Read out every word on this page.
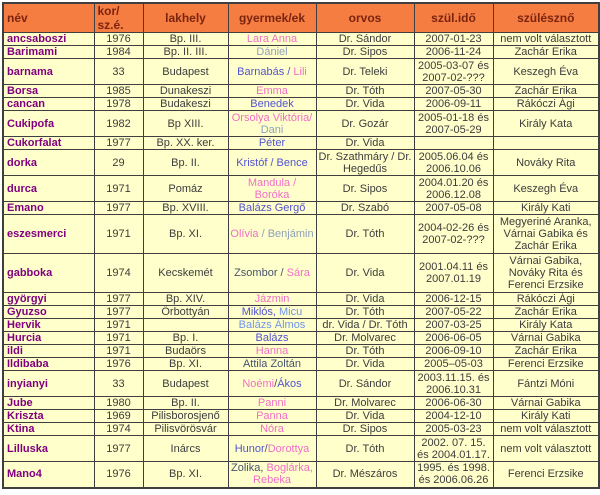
név	kor/ sz.é.	lakhely	gyermek/ek	orvos	szül.idő	szülésznő
ancsaboszi	1976	Bp. III.	Lara Anna	Dr. Sándor	2007-01-23	nem volt választott
Barimami	1984	Bp. II. III.	Dániel	Dr. Sipos	2006-11-24	Zachár Erika
barnama	33	Budapest	Barnabás / Lili	Dr. Teleki	2005-03-07 és 2007-02-???	Keszegh Éva
Borsa	1985	Dunakeszi	Emma	Dr. Tóth	2007-05-30	Zachár Erika
cancan	1978	Budakeszi	Benedek	Dr. Vida	2006-09-11	Rákóczi Ági
Cukipofa	1982	Bp XIII.	Orsolya Viktória/ Dani	Dr. Gozár	2005-01-18 és 2007-05-29	Király Kata
Cukorfalat	1977	Bp. XX. ker.	Péter	Dr. Vida		
dorka	29	Bp. II.	Kristóf / Bence	Dr. Szathmáry / Dr. Hegedűs	2005.06.04 és 2006.10.06	Nováky Rita
durca	1971	Pomáz	Mandula / Boróka	Dr. Sipos	2004.01.20 és 2006.12.08	Keszegh Éva
Emano	1977	Bp. XVIII.	Balázs Gergő	Dr. Szabó	2007-05-08	Király Kati
eszesmerci	1971	Bp. XI.	Olívia / Benjámin	Dr. Tóth	2004-02-26 és 2007-02-???	Megyeriné Aranka, Várnai Gabika és Zachár Erika
gabboka	1974	Kecskemét	Zsombor / Sára	Dr. Vida	2001.04.11 és 2007.01.19	Várnai Gabika, Nováky Rita és Ferenci Erzsike
györgyi	1977	Bp. XIV.	Jázmin	Dr. Vida	2006-12-15	Rákóczi Ági
Gyuzso	1977	Őrbottyán	Miklós, Micu	Dr. Tóth	2007-05-22	Zachár Erika
Hervik	1971		Balázs Álmos	dr. Vida / Dr. Tóth	2007-03-25	Király Kata
Hurcia	1971	Bp. I.	Balázs	Dr. Molvarec	2006-06-05	Várnai Gabika
ildi	1971	Budaörs	Hanna	Dr. Tóth	2006-09-10	Zachár Erika
Ildibaba	1976	Bp. XI.	Attila Zoltán	Dr. Vida	2005–05-03	Ferenci Erzsike
inyianyi	33	Budapest	Noémi/Ákos	Dr. Sándor	2003.11.15. és 2006.10.31	Fántzi Móni
Jube	1980	Bp. II.	Panni	Dr. Molvarec	2006-06-30	Várnai Gabika
Kriszta	1969	Pilisborosjenő	Panna	Dr. Vida	2004-12-10	Király Kati
Ktina	1974	Pilisvörösvár	Nóra	Dr. Sipos	2005-03-23	nem volt választott
Lilluska	1977	Inárcs	Hunor/Dorottya	Dr. Tóth	2002. 07. 15. és 2004.01.17.	nem volt választott
Mano4	1976	Bp. XI.	Zolika, Boglárka, Rebeka	Dr. Mészáros	1995. és 1998. és 2006.06.26	Ferenci Erzsike
